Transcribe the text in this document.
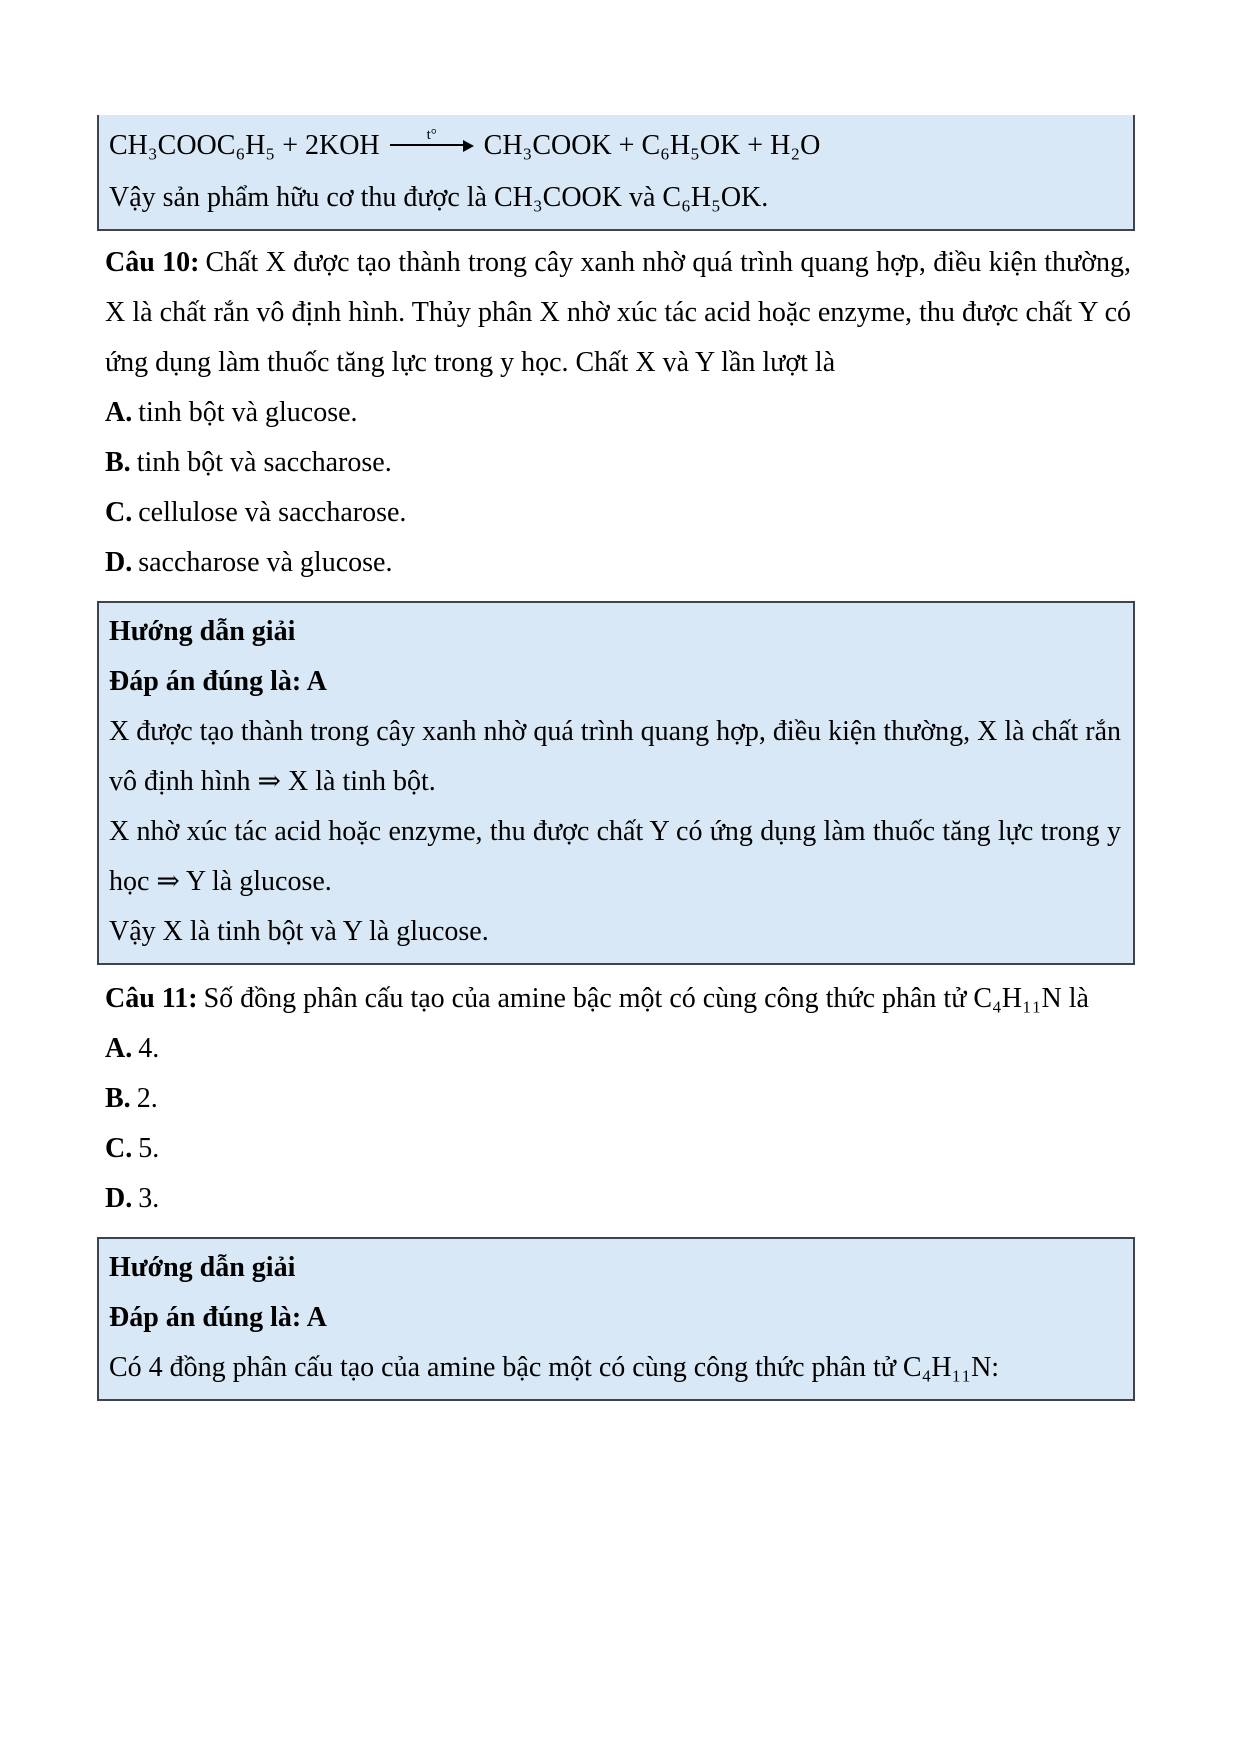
CH₃COOC₆H₅ + 2KOH	t° CH₃COOK + C₆H₅OK + H₂O
Vậy sản phẩm hữu cơ thu được là CH₃COOK và C₆H₅OK.

Câu 10: Chất X được tạo thành trong cây xanh nhờ quá trình quang hợp, điều kiện thường, X là chất rắn vô định hình. Thủy phân X nhờ xúc tác acid hoặc enzyme, thu được chất Y có ứng dụng làm thuốc tăng lực trong y học. Chất X và Y lần lượt là

A. tinh bột và glucose.
B. tinh bột và saccharose.
C. cellulose và saccharose.
D. saccharose và glucose.
Hướng dẫn giải
Đáp án đúng là: A

X được tạo thành trong cây xanh nhờ quá trình quang hợp, điều kiện thường, X là chất rắn vô định hình ⇒ X là tinh bột.

X nhờ xúc tác acid hoặc enzyme, thu được chất Y có ứng dụng làm thuốc tăng lực trong y học ⇒ Y là glucose.

Vậy X là tinh bột và Y là glucose.

Câu 11: Số đồng phân cấu tạo của amine bậc một có cùng công thức phân tử C₄H₁₁N là

A. 4.
B. 2.
C. 5.
D. 3.
Hướng dẫn giải
Đáp án đúng là: A

Có 4 đồng phân cấu tạo của amine bậc một có cùng công thức phân tử C₄H₁₁N:
